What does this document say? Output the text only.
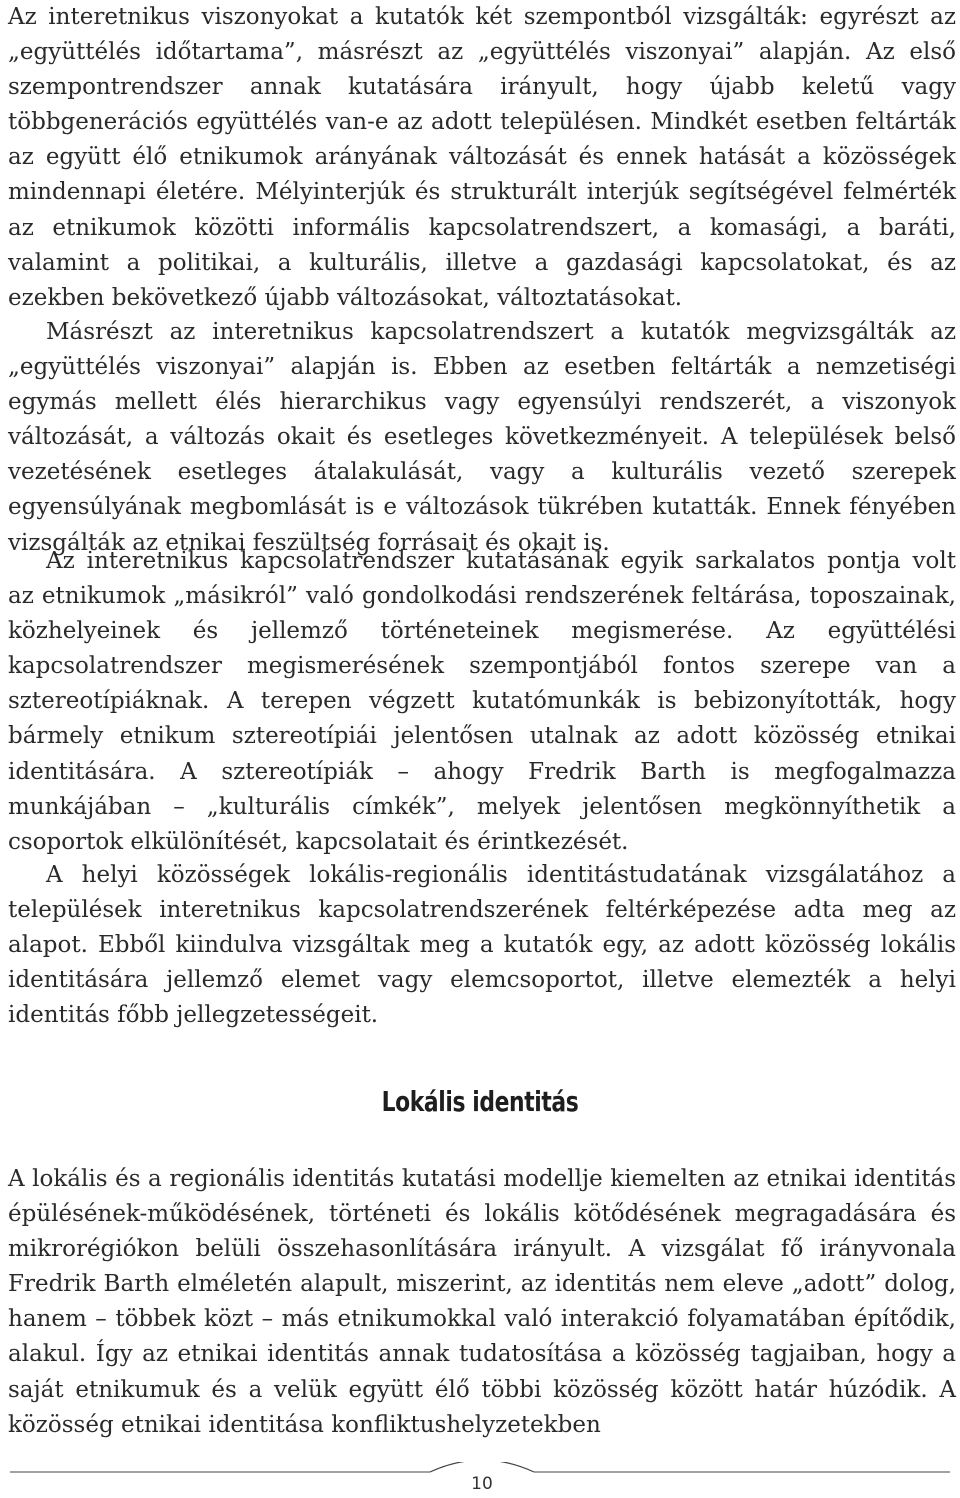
Az interetnikus viszonyokat a kutatók két szempontból vizsgálták: egyrészt az „együttélés időtartama”, másrészt az „együttélés viszonyai” alapján. Az első szempontrendszer annak kutatására irányult, hogy újabb keletű vagy többgenerációs együttélés van-e az adott településen. Mindkét esetben feltárták az együtt élő etnikumok arányának változását és ennek hatását a közösségek mindennapi életére. Mélyinterjúk és strukturált interjúk segítségével felmérték az etnikumok közötti informális kapcsolatrendszert, a komasági, a baráti, valamint a politikai, a kulturális, illetve a gazdasági kapcsolatokat, és az ezekben bekövetkező újabb változásokat, változtatásokat.

Másrészt az interetnikus kapcsolatrendszert a kutatók megvizsgálták az „együttélés viszonyai” alapján is. Ebben az esetben feltárták a nemzetiségi egymás mellett élés hierarchikus vagy egyensúlyi rendszerét, a viszonyok változását, a változás okait és esetleges következményeit. A települések belső vezetésének esetleges átalakulását, vagy a kulturális vezető szerepek egyensúlyának megbomlását is e változások tükrében kutatták. Ennek fényében vizsgálták az etnikai feszültség forrásait és okait is.

Az interetnikus kapcsolatrendszer kutatásának egyik sarkalatos pontja volt az etnikumok „másikról” való gondolkodási rendszerének feltárása, toposzainak, közhelyeinek és jellemző történeteinek megismerése. Az együttélési kapcsolatrendszer megismerésének szempontjából fontos szerepe van a sztereotípiáknak. A terepen végzett kutatómunkák is bebizonyították, hogy bármely etnikum sztereotípiái jelentősen utalnak az adott közösség etnikai identitására. A sztereotípiák – ahogy Fredrik Barth is megfogalmazza munkájában – „kulturális címkék”, melyek jelentősen megkönnyíthetik a csoportok elkülönítését, kapcsolatait és érintkezését.

A helyi közösségek lokális-regionális identitástudatának vizsgálatához a települések interetnikus kapcsolatrendszerének feltérképezése adta meg az alapot. Ebből kiindulva vizsgáltak meg a kutatók egy, az adott közösség lokális identitására jellemző elemet vagy elemcsoportot, illetve elemezték a helyi identitás főbb jellegzetességeit.

Lokális identitás

A lokális és a regionális identitás kutatási modellje kiemelten az etnikai identitás épülésének-működésének, történeti és lokális kötődésének megragadására és mikrorégiókon belüli összehasonlítására irányult. A vizsgálat fő irányvonala Fredrik Barth elméletén alapult, miszerint, az identitás nem eleve „adott” dolog, hanem – többek közt – más etnikumokkal való interakció folyamatában építődik, alakul. Így az etnikai identitás annak tudatosítása a közösség tagjaiban, hogy a saját etnikumuk és a velük együtt élő többi közösség között határ húzódik. A közösség etnikai identitása konfliktushelyzetekben

10
